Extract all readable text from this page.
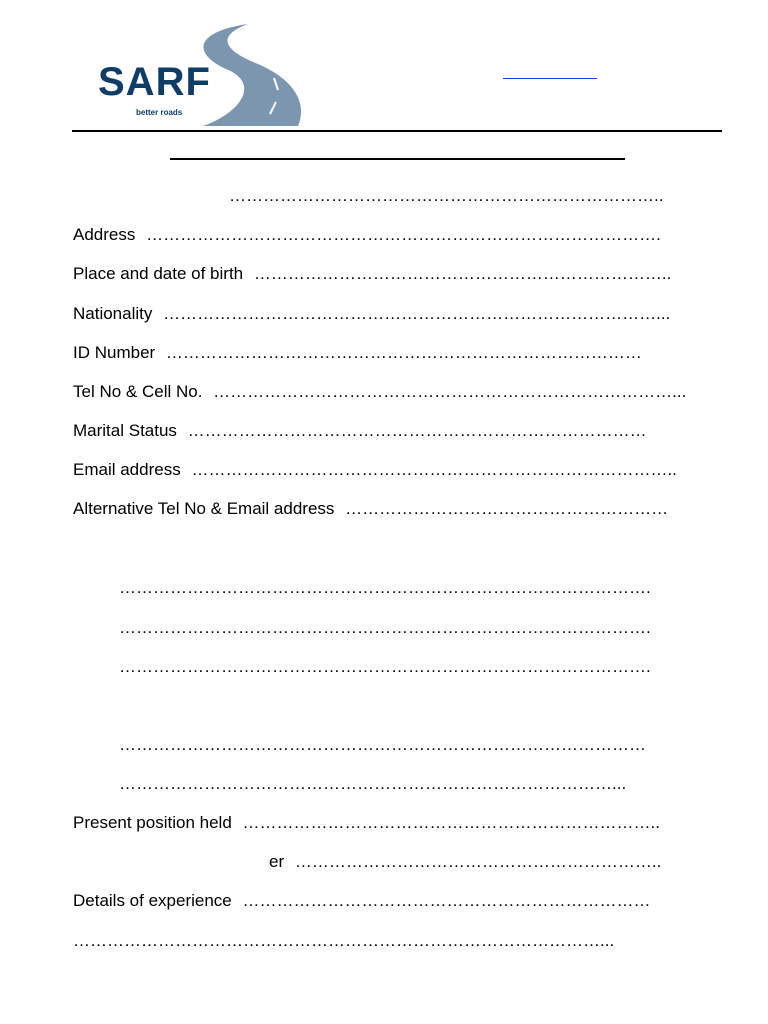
SARF
better roads
…………………………………………………………………..
Address ……………………………………………………………………………….
Place and date of birth ………………………………………………………………..
Nationality ……………………………………………………………………………...
ID Number …………………………………………………………………………
Tel No & Cell No. ………………………………………………………………………...
Marital Status ………………………………………………………………………
Email address …………………………………………………………………………..
Alternative Tel No & Email address …………………………………………………
………………………………………………………………………………….
………………………………………………………………………………….
………………………………………………………………………………….
…………………………………………………………………………………
……………………………………………………………………………...
Present position held ………………………………………………………………..
er ………………………………………………………..
Details of experience ………………………………………………………………
…………………………………………………………………………………...
